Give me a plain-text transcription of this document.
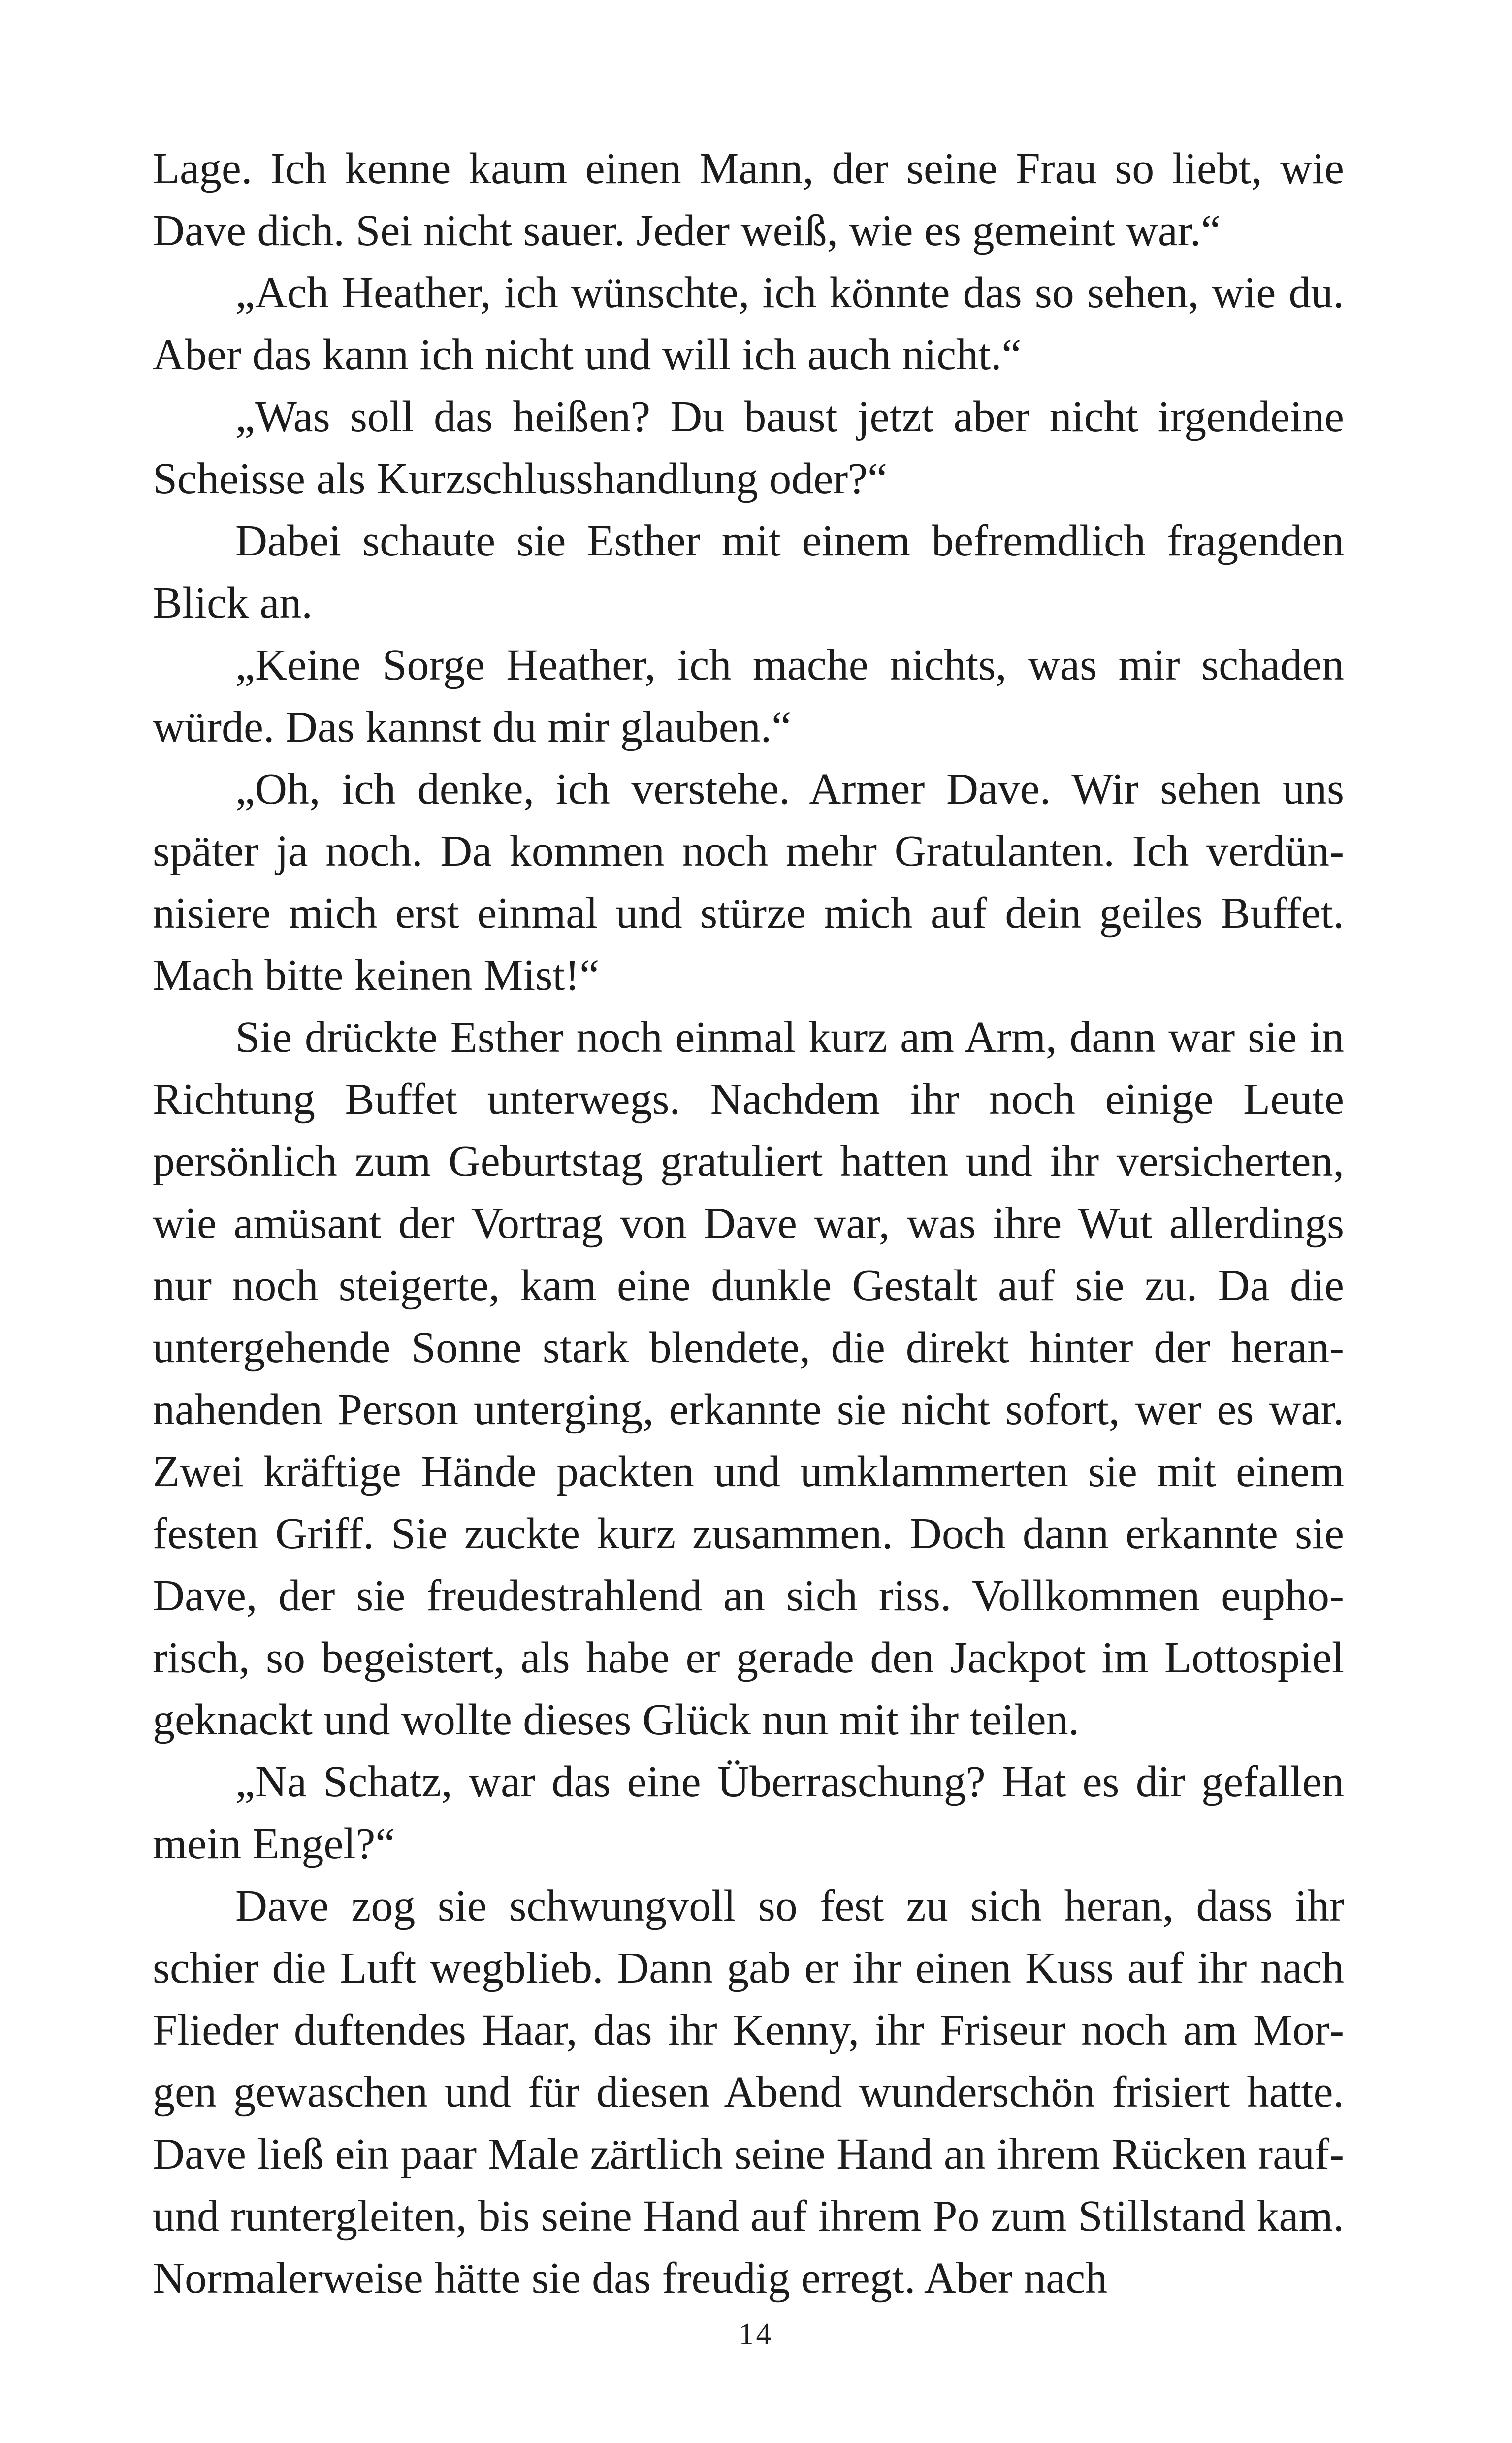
Lage. Ich kenne kaum einen Mann, der seine Frau so liebt, wie Dave dich. Sei nicht sauer. Jeder weiß, wie es gemeint war.“

„Ach Heather, ich wünschte, ich könnte das so sehen, wie du. Aber das kann ich nicht und will ich auch nicht.“

„Was soll das heißen? Du baust jetzt aber nicht irgendeine Scheisse als Kurzschlusshandlung oder?“

Dabei schaute sie Esther mit einem befremdlich fragenden Blick an.

„Keine Sorge Heather, ich mache nichts, was mir schaden würde. Das kannst du mir glauben.“

„Oh, ich denke, ich verstehe. Armer Dave. Wir sehen uns später ja noch. Da kommen noch mehr Gratulanten. Ich verdünnisiere mich erst einmal und stürze mich auf dein geiles Buffet. Mach bitte keinen Mist!“

Sie drückte Esther noch einmal kurz am Arm, dann war sie in Richtung Buffet unterwegs. Nachdem ihr noch einige Leute persönlich zum Geburtstag gratuliert hatten und ihr versicherten, wie amüsant der Vortrag von Dave war, was ihre Wut allerdings nur noch steigerte, kam eine dunkle Gestalt auf sie zu. Da die untergehende Sonne stark blendete, die direkt hinter der herannahenden Person unterging, erkannte sie nicht sofort, wer es war. Zwei kräftige Hände packten und umklammerten sie mit einem festen Griff. Sie zuckte kurz zusammen. Doch dann erkannte sie Dave, der sie freudestrahlend an sich riss. Vollkommen euphorisch, so begeistert, als habe er gerade den Jackpot im Lottospiel geknackt und wollte dieses Glück nun mit ihr teilen.

„Na Schatz, war das eine Überraschung? Hat es dir gefallen mein Engel?“

Dave zog sie schwungvoll so fest zu sich heran, dass ihr schier die Luft wegblieb. Dann gab er ihr einen Kuss auf ihr nach Flieder duftendes Haar, das ihr Kenny, ihr Friseur noch am Morgen gewaschen und für diesen Abend wunderschön frisiert hatte. Dave ließ ein paar Male zärtlich seine Hand an ihrem Rücken rauf- und runtergleiten, bis seine Hand auf ihrem Po zum Stillstand kam. Normalerweise hätte sie das freudig erregt. Aber nach

14
